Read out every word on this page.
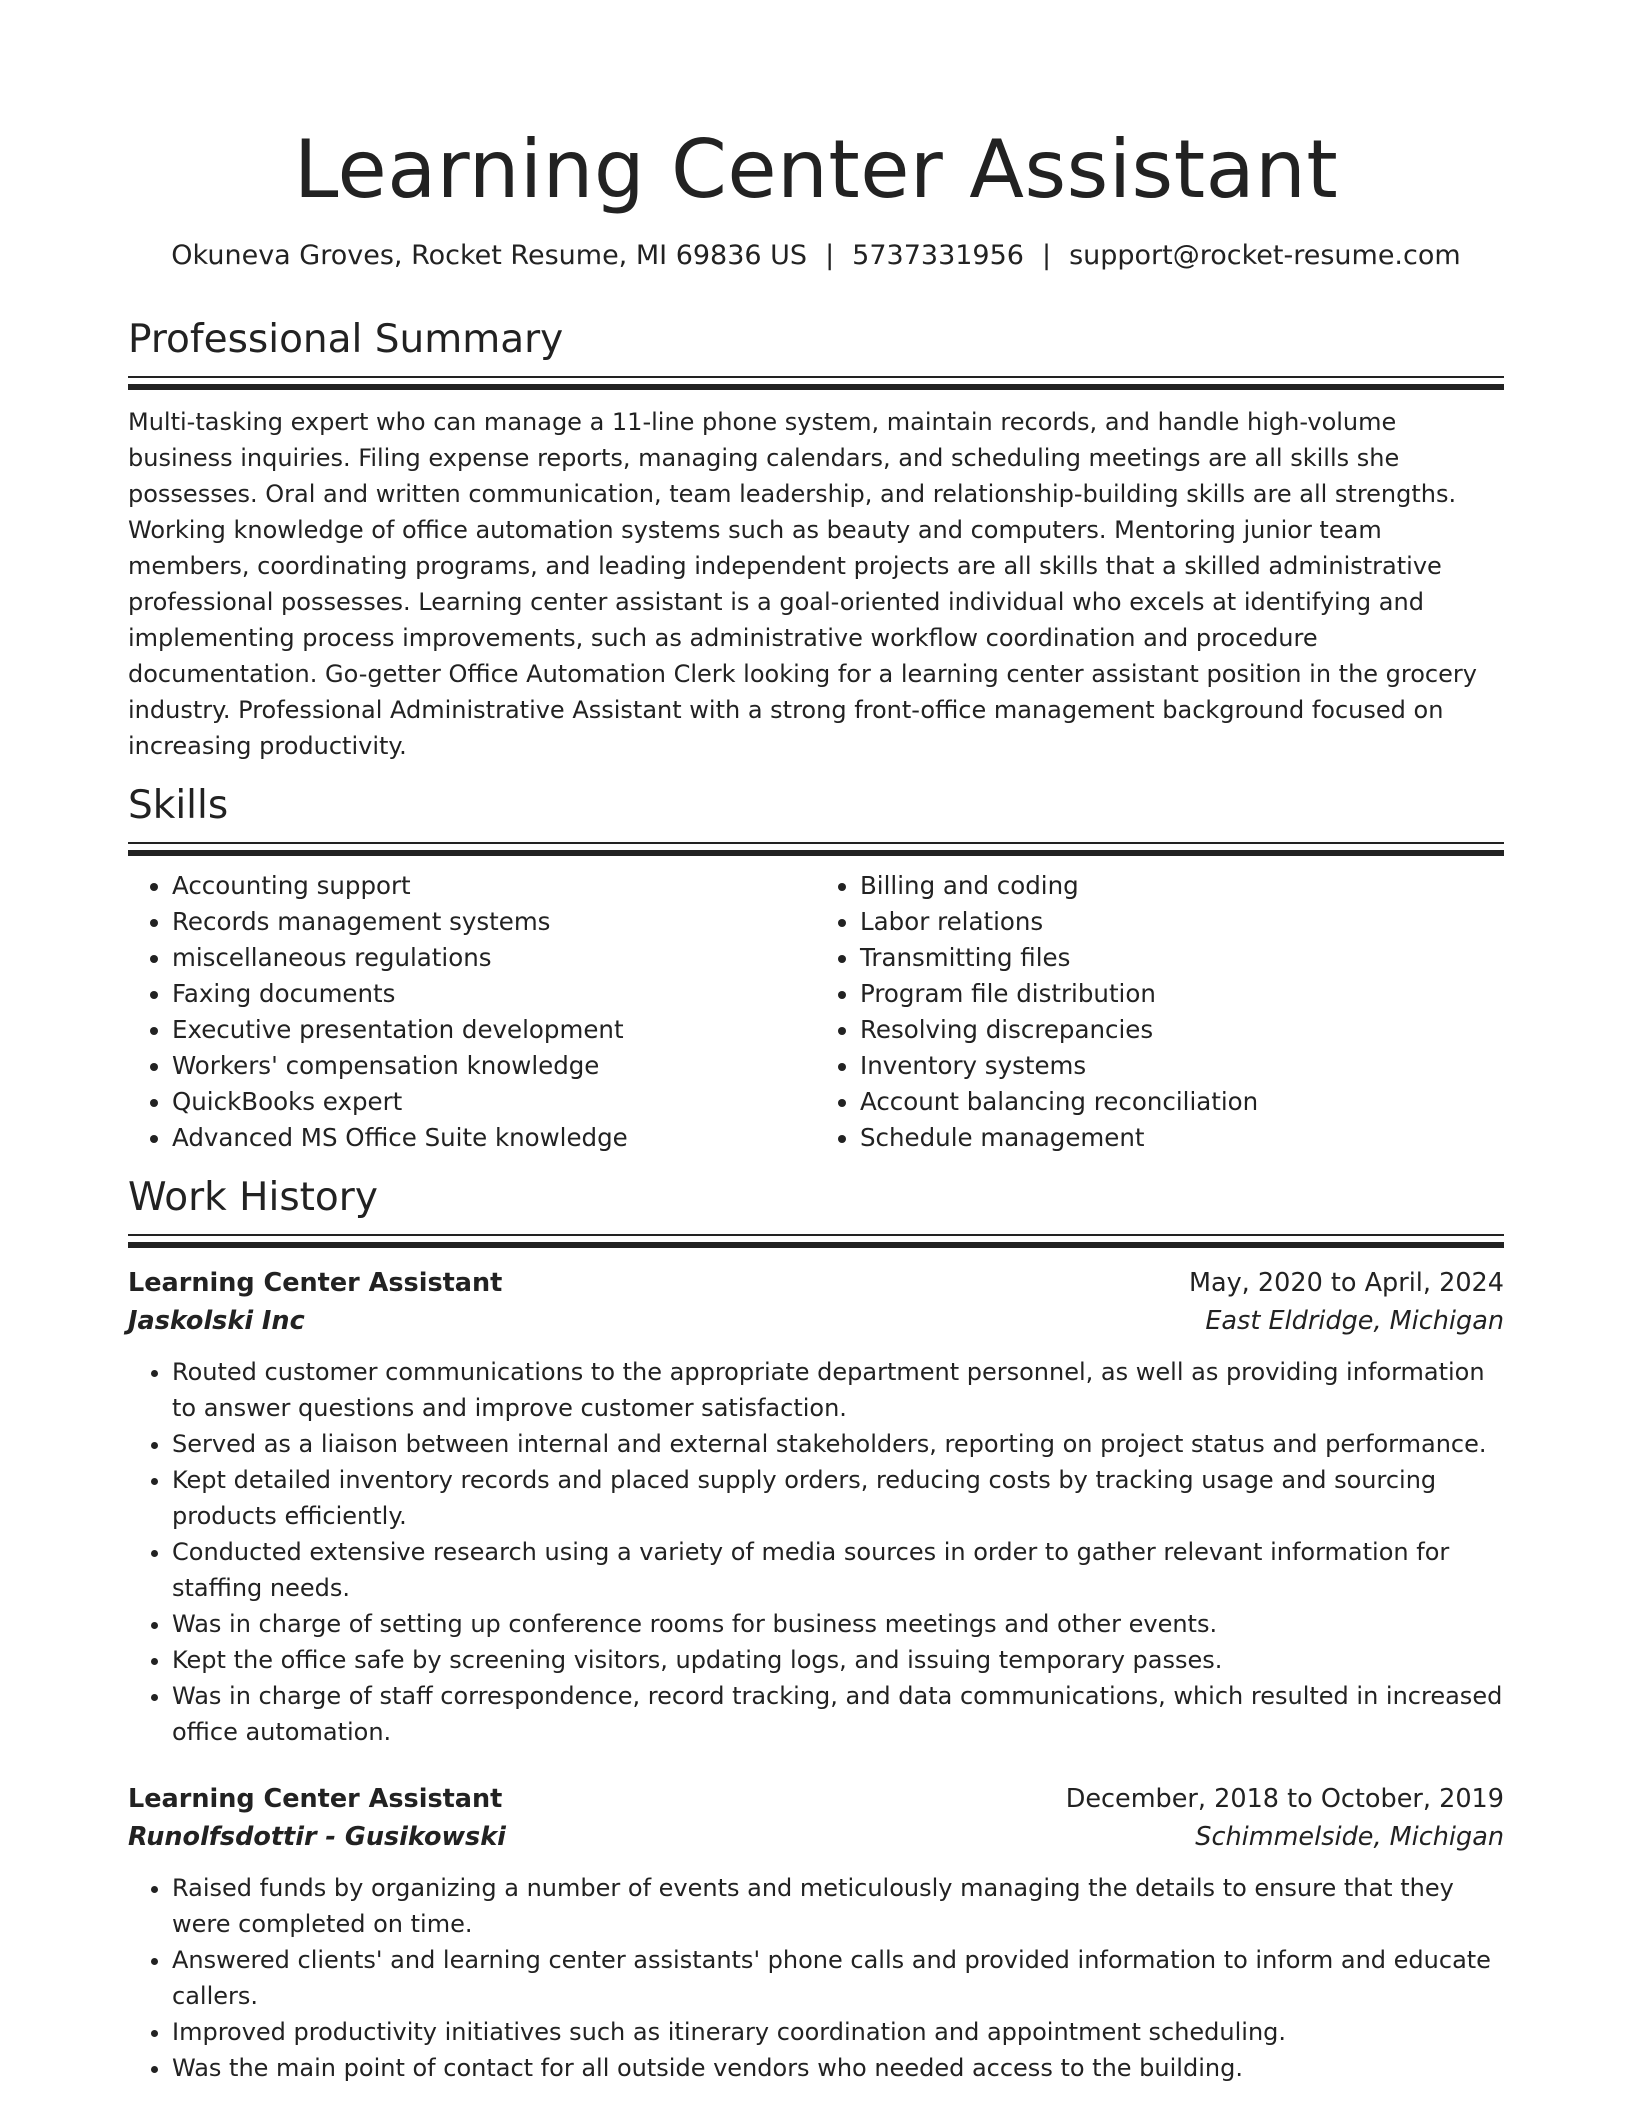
Learning Center Assistant
Okuneva Groves, Rocket Resume, MI 69836 US | 5737331956 | support@rocket-resume.com
Professional Summary

Multi-tasking expert who can manage a 11-line phone system, maintain records, and handle high-volume business inquiries. Filing expense reports, managing calendars, and scheduling meetings are all skills she possesses. Oral and written communication, team leadership, and relationship-building skills are all strengths. Working knowledge of office automation systems such as beauty and computers. Mentoring junior team members, coordinating programs, and leading independent projects are all skills that a skilled administrative professional possesses. Learning center assistant is a goal-oriented individual who excels at identifying and implementing process improvements, such as administrative workflow coordination and procedure documentation. Go-getter Office Automation Clerk looking for a learning center assistant position in the grocery industry. Professional Administrative Assistant with a strong front-office management background focused on increasing productivity.

Skills
• Accounting support
• Records management systems
• miscellaneous regulations
• Faxing documents
• Executive presentation development
• Workers' compensation knowledge
• QuickBooks expert
• Advanced MS Office Suite knowledge
• Billing and coding
• Labor relations
• Transmitting files
• Program file distribution
• Resolving discrepancies
• Inventory systems
• Account balancing reconciliation
• Schedule management
Work History
Learning Center Assistant	May, 2020 to April, 2024
Jaskolski Inc	East Eldridge, Michigan
• Routed customer communications to the appropriate department personnel, as well as providing information to answer questions and improve customer satisfaction.
• Served as a liaison between internal and external stakeholders, reporting on project status and performance.
• Kept detailed inventory records and placed supply orders, reducing costs by tracking usage and sourcing products efficiently.
• Conducted extensive research using a variety of media sources in order to gather relevant information for staffing needs.
• Was in charge of setting up conference rooms for business meetings and other events.
• Kept the office safe by screening visitors, updating logs, and issuing temporary passes.
• Was in charge of staff correspondence, record tracking, and data communications, which resulted in increased office automation.
Learning Center Assistant	December, 2018 to October, 2019
Runolfsdottir - Gusikowski	Schimmelside, Michigan
• Raised funds by organizing a number of events and meticulously managing the details to ensure that they were completed on time.
• Answered clients' and learning center assistants' phone calls and provided information to inform and educate callers.
• Improved productivity initiatives such as itinerary coordination and appointment scheduling.
• Was the main point of contact for all outside vendors who needed access to the building.
